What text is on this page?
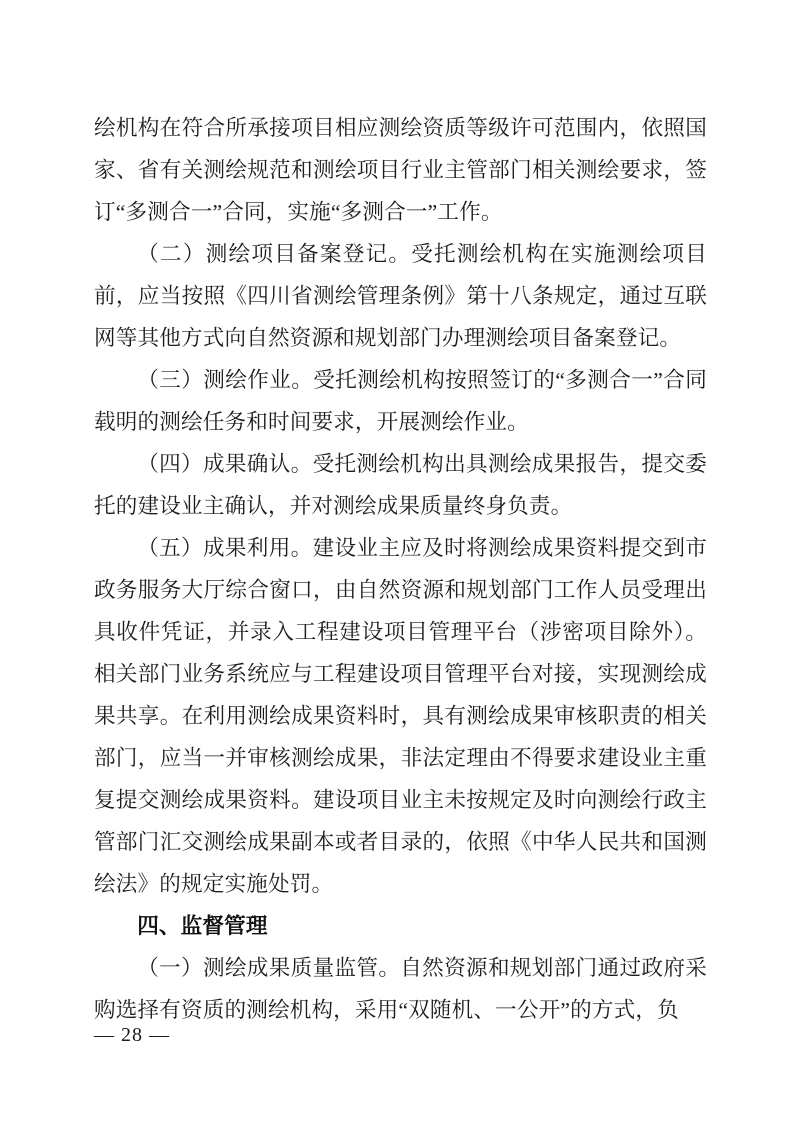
绘机构在符合所承接项目相应测绘资质等级许可范围内，依照国家、省有关测绘规范和测绘项目行业主管部门相关测绘要求，签订“多测合一”合同，实施“多测合一”工作。

（二）测绘项目备案登记。受托测绘机构在实施测绘项目前，应当按照《四川省测绘管理条例》第十八条规定，通过互联网等其他方式向自然资源和规划部门办理测绘项目备案登记。

（三）测绘作业。受托测绘机构按照签订的“多测合一”合同载明的测绘任务和时间要求，开展测绘作业。

（四）成果确认。受托测绘机构出具测绘成果报告，提交委托的建设业主确认，并对测绘成果质量终身负责。

（五）成果利用。建设业主应及时将测绘成果资料提交到市政务服务大厅综合窗口，由自然资源和规划部门工作人员受理出具收件凭证，并录入工程建设项目管理平台（涉密项目除外）。相关部门业务系统应与工程建设项目管理平台对接，实现测绘成果共享。在利用测绘成果资料时，具有测绘成果审核职责的相关部门，应当一并审核测绘成果，非法定理由不得要求建设业主重复提交测绘成果资料。建设项目业主未按规定及时向测绘行政主管部门汇交测绘成果副本或者目录的，依照《中华人民共和国测绘法》的规定实施处罚。

四、监督管理

（一）测绘成果质量监管。自然资源和规划部门通过政府采购选择有资质的测绘机构，采用“双随机、一公开”的方式，负

— 28 —
